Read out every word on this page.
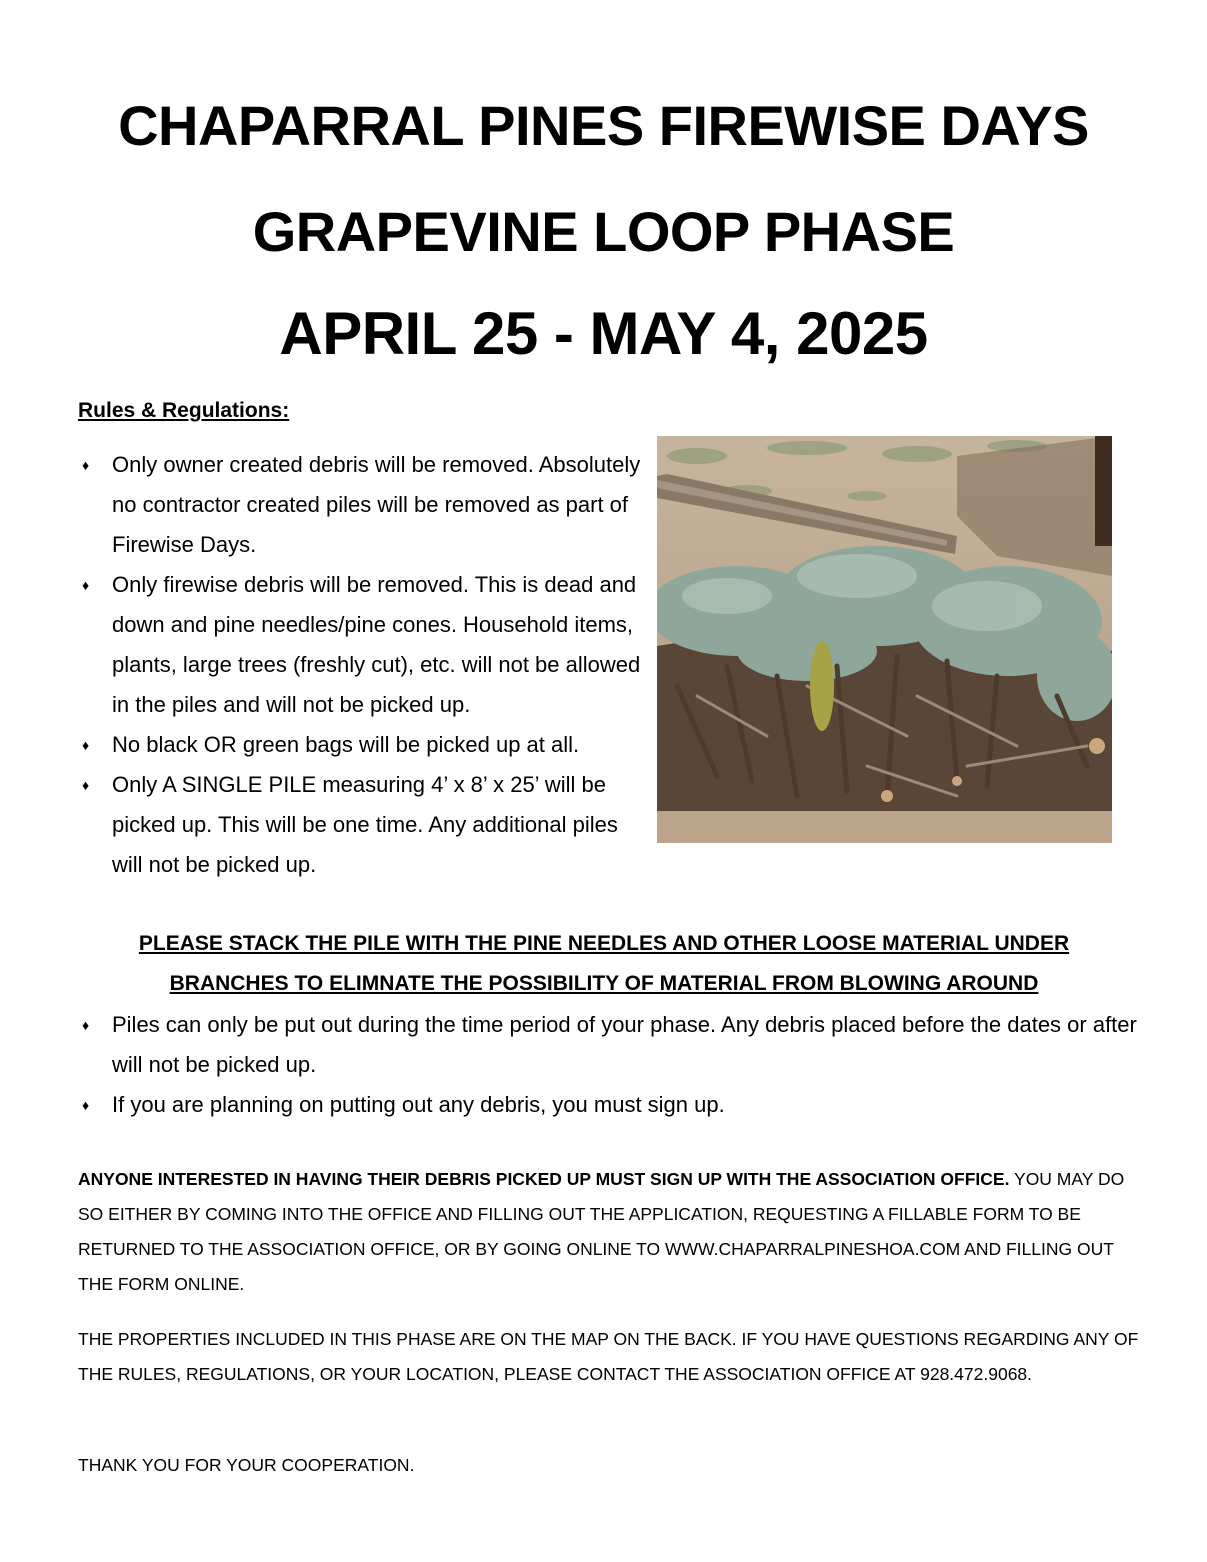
CHAPARRAL PINES FIREWISE DAYS
GRAPEVINE LOOP PHASE
APRIL 25 - MAY 4, 2025
Rules & Regulations:
♦ Only owner created debris will be removed. Absolutely no contractor created piles will be removed as part of Firewise Days.
♦ Only firewise debris will be removed. This is dead and down and pine needles/pine cones. Household items, plants, large trees (freshly cut), etc. will not be allowed in the piles and will not be picked up.
♦ No black OR green bags will be picked up at all.
♦ Only A SINGLE PILE measuring 4’ x 8’ x 25’ will be picked up. This will be one time. Any additional piles will not be picked up.
PLEASE STACK THE PILE WITH THE PINE NEEDLES AND OTHER LOOSE MATERIAL UNDER BRANCHES TO ELIMNATE THE POSSIBILITY OF MATERIAL FROM BLOWING AROUND
♦ Piles can only be put out during the time period of your phase. Any debris placed before the dates or after will not be picked up.
♦ If you are planning on putting out any debris, you must sign up.

ANYONE INTERESTED IN HAVING THEIR DEBRIS PICKED UP MUST SIGN UP WITH THE ASSOCIATION OFFICE. YOU MAY DO SO EITHER BY COMING INTO THE OFFICE AND FILLING OUT THE APPLICATION, REQUESTING A FILLABLE FORM TO BE RETURNED TO THE ASSOCIATION OFFICE, OR BY GOING ONLINE TO WWW.CHAPARRALPINESHOA.COM AND FILLING OUT THE FORM ONLINE.

THE PROPERTIES INCLUDED IN THIS PHASE ARE ON THE MAP ON THE BACK. IF YOU HAVE QUESTIONS REGARDING ANY OF THE RULES, REGULATIONS, OR YOUR LOCATION, PLEASE CONTACT THE ASSOCIATION OFFICE AT 928.472.9068.

THANK YOU FOR YOUR COOPERATION.
